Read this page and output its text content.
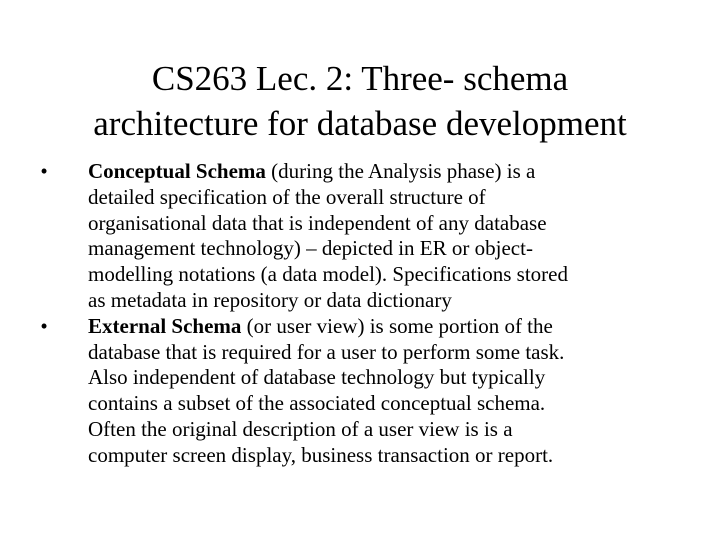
CS263 Lec. 2: Three- schema
architecture for database development
•	Conceptual Schema (during the Analysis phase) is a
detailed specification of the overall structure of
organisational data that is independent of any database
management technology) – depicted in ER or object-
modelling notations (a data model). Specifications stored
as metadata in repository or data dictionary
•	External Schema (or user view) is some portion of the
database that is required for a user to perform some task.
Also independent of database technology but typically
contains a subset of the associated conceptual schema.
Often the original description of a user view is is a
computer screen display, business transaction or report.
